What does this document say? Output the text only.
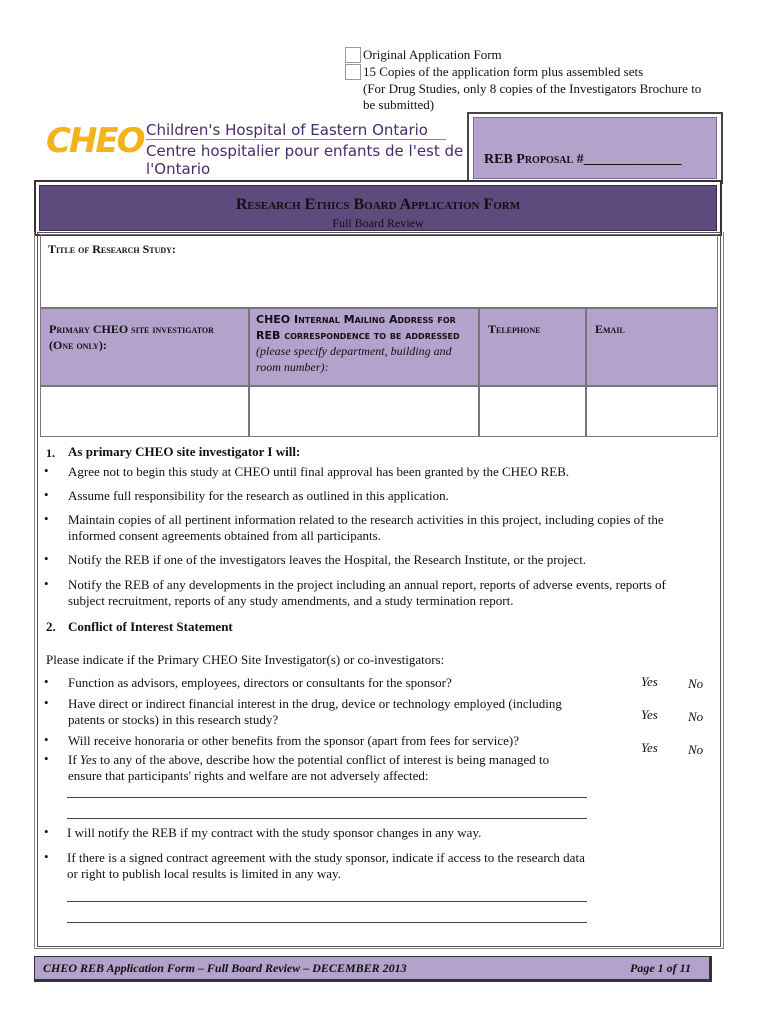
Original Application Form
15 Copies of the application form plus assembled sets
(For Drug Studies, only 8 copies of the Investigators Brochure to
be submitted)
CHEO Children's Hospital of Eastern Ontario
Centre hospitalier pour enfants de l'est de l'Ontario
REB Proposal #______________
Research Ethics Board Application Form
Full Board Review
Title of Research Study:
Primary CHEO site investigator (One only):
CHEO Internal Mailing Address for REB correspondence to be addressed (please specify department, building and room number):
Telephone	Email
1. As primary CHEO site investigator I will:
• Agree not to begin this study at CHEO until final approval has been granted by the CHEO REB.
• Assume full responsibility for the research as outlined in this application.
• Maintain copies of all pertinent information related to the research activities in this project, including copies of the
informed consent agreements obtained from all participants.
• Notify the REB if one of the investigators leaves the Hospital, the Research Institute, or the project.
• Notify the REB of any developments in the project including an annual report, reports of adverse events, reports of
subject recruitment, reports of any study amendments, and a study termination report.
2. Conflict of Interest Statement
Please indicate if the Primary CHEO Site Investigator(s) or co-investigators:
• Function as advisors, employees, directors or consultants for the sponsor?
• Have direct or indirect financial interest in the drug, device or technology employed (including
patents or stocks) in this research study?
• Will receive honoraria or other benefits from the sponsor (apart from fees for service)?
• If Yes to any of the above, describe how the potential conflict of interest is being managed to
ensure that participants' rights and welfare are not adversely affected:
Yes No
Yes No
Yes No
• I will notify the REB if my contract with the study sponsor changes in any way.
• If there is a signed contract agreement with the study sponsor, indicate if access to the research data
or right to publish local results is limited in any way.
CHEO REB Application Form – Full Board Review – DECEMBER 2013	Page 1 of 11
